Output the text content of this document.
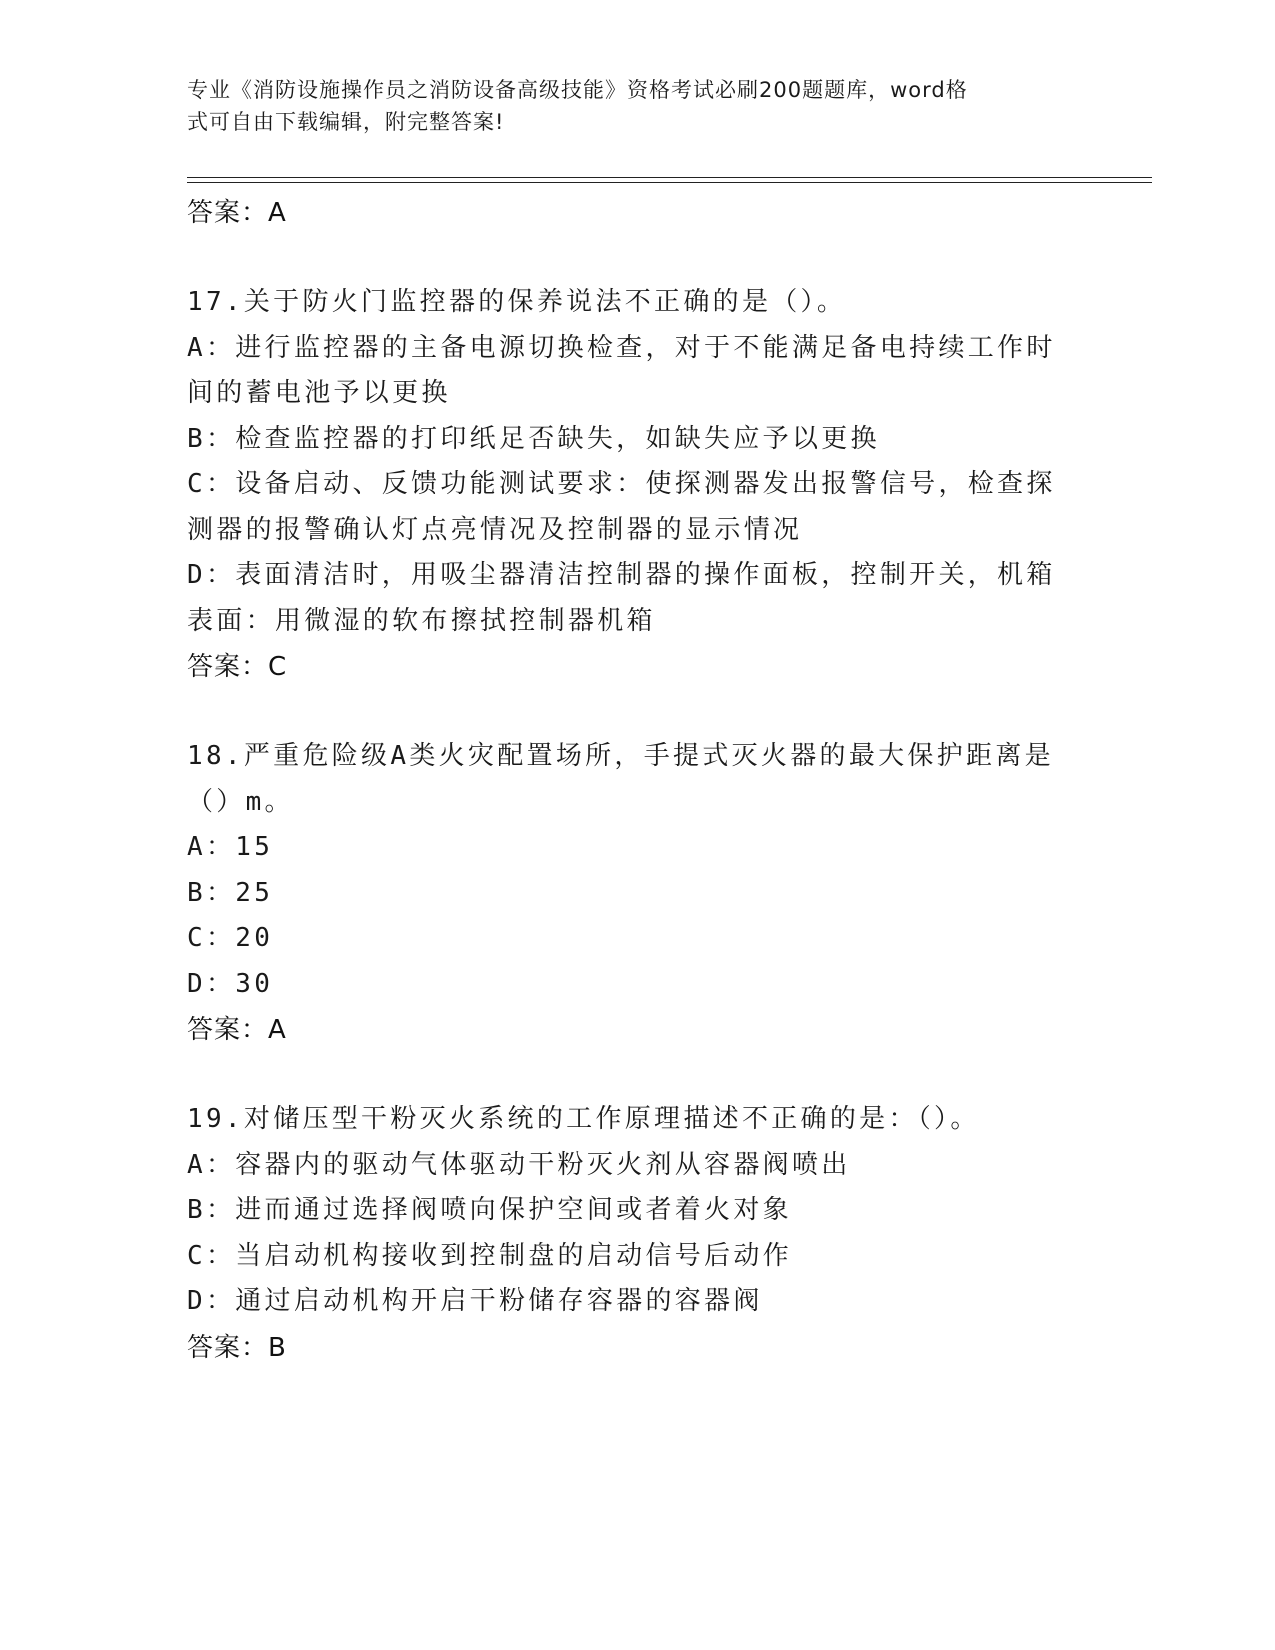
专业《消防设施操作员之消防设备高级技能》资格考试必刷200题题库，word格
式可自由下载编辑，附完整答案!
答案：A

17.关于防火门监控器的保养说法不正确的是（）。

A：进行监控器的主备电源切换检查，对于不能满足备电持续工作时间的蓄电池予以更换

B：检查监控器的打印纸足否缺失，如缺失应予以更换

C：设备启动、反馈功能测试要求：使探测器发出报警信号，检查探测器的报警确认灯点亮情况及控制器的显示情况

D：表面清洁时，用吸尘器清洁控制器的操作面板，控制开关，机箱表面：用微湿的软布擦拭控制器机箱

答案：C

18.严重危险级A类火灾配置场所，手提式灭火器的最大保护距离是（）m。

A：15

B：25

C：20

D：30

答案：A

19.对储压型干粉灭火系统的工作原理描述不正确的是：（）。

A：容器内的驱动气体驱动干粉灭火剂从容器阀喷出

B：进而通过选择阀喷向保护空间或者着火对象

C：当启动机构接收到控制盘的启动信号后动作

D：通过启动机构开启干粉储存容器的容器阀

答案：B
